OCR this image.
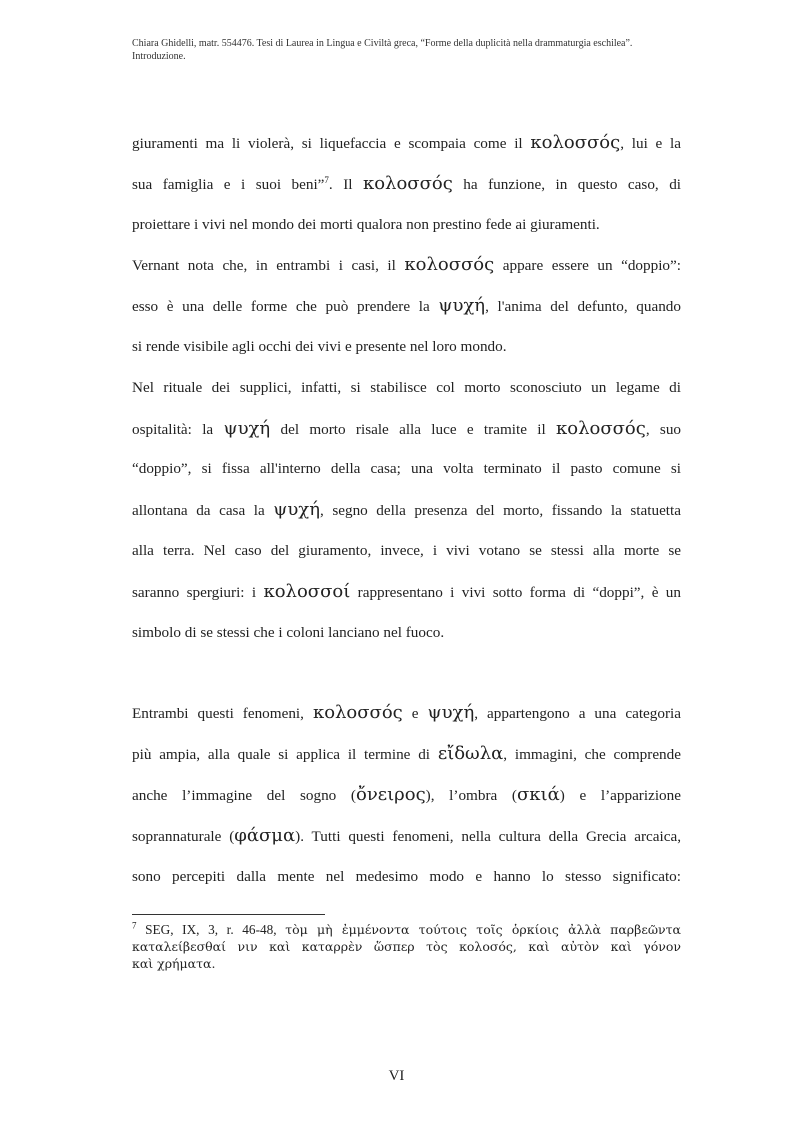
Chiara Ghidelli, matr. 554476. Tesi di Laurea in Lingua e Civiltà greca, “Forme della duplicità nella drammaturgia eschilea”.
Introduzione.
giuramenti ma li violerà, si liquefaccia e scompaia come il κολοσσός, lui e la
sua famiglia e i suoi beni”$^7$. Il κολοσσός ha funzione, in questo caso, di
proiettare i vivi nel mondo dei morti qualora non prestino fede ai giuramenti.
Vernant nota che, in entrambi i casi, il κολοσσός appare essere un “doppio”:
esso è una delle forme che può prendere la ψυχή, l'anima del defunto, quando
si rende visibile agli occhi dei vivi e presente nel loro mondo.
Nel rituale dei supplici, infatti, si stabilisce col morto sconosciuto un legame di
ospitalità: la ψυχή del morto risale alla luce e tramite il κολοσσός, suo
“doppio”, si fissa all'interno della casa; una volta terminato il pasto comune si
allontana da casa la ψυχή, segno della presenza del morto, fissando la statuetta
alla terra. Nel caso del giuramento, invece, i vivi votano se stessi alla morte se
saranno spergiuri: i κολοσσοί rappresentano i vivi sotto forma di “doppi”, è un
simbolo di se stessi che i coloni lanciano nel fuoco.
Entrambi questi fenomeni, κολοσσός e ψυχή, appartengono a una categoria
più ampia, alla quale si applica il termine di εἴδωλα, immagini, che comprende
anche l’immagine del sogno (ὄνειρος), l’ombra (σκιά) e l’apparizione
soprannaturale (φάσμα). Tutti questi fenomeni, nella cultura della Grecia arcaica,
sono percepiti dalla mente nel medesimo modo e hanno lo stesso significato:
$^7$ SEG, IX, 3, r. 46-48, τὸμ μὴ ἐμμένοντα τούτοις τοῖς ὁρκίοις ἀλλὰ παρβεῶντα
καταλείβεσθαί νιν καὶ καταρρὲν ὥσπερ τὸς κολοσός, καὶ αὐτὸν καὶ γόνον
καὶ χρήματα.
VI
